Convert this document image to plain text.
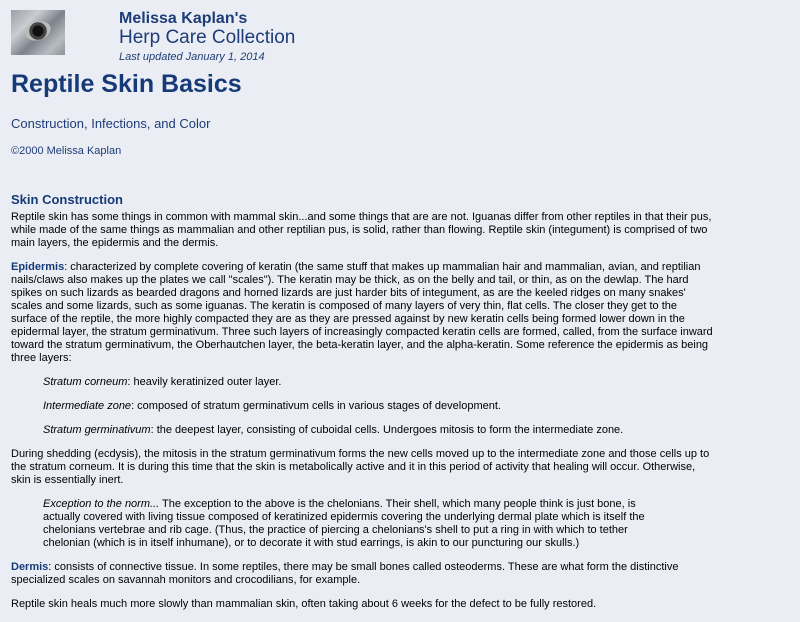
Melissa Kaplan's
Herp Care Collection
Last updated January 1, 2014
Reptile Skin Basics
Construction, Infections, and Color
©2000 Melissa Kaplan
Skin Construction

Reptile skin has some things in common with mammal skin...and some things that are are not. Iguanas differ from other reptiles in that their pus, while made of the same things as mammalian and other reptilian pus, is solid, rather than flowing. Reptile skin (integument) is comprised of two main layers, the epidermis and the dermis.

Epidermis: characterized by complete covering of keratin (the same stuff that makes up mammalian hair and mammalian, avian, and reptilian nails/claws also makes up the plates we call "scales"). The keratin may be thick, as on the belly and tail, or thin, as on the dewlap. The hard spikes on such lizards as bearded dragons and horned lizards are just harder bits of integument, as are the keeled ridges on many snakes' scales and some lizards, such as some iguanas. The keratin is composed of many layers of very thin, flat cells. The closer they get to the surface of the reptile, the more highly compacted they are as they are pressed against by new keratin cells being formed lower down in the epidermal layer, the stratum germinativum. Three such layers of increasingly compacted keratin cells are formed, called, from the surface inward toward the stratum germinativum, the Oberhautchen layer, the beta-keratin layer, and the alpha-keratin. Some reference the epidermis as being three layers:

Stratum corneum: heavily keratinized outer layer.

Intermediate zone: composed of stratum germinativum cells in various stages of development.

Stratum germinativum: the deepest layer, consisting of cuboidal cells. Undergoes mitosis to form the intermediate zone.

During shedding (ecdysis), the mitosis in the stratum germinativum forms the new cells moved up to the intermediate zone and those cells up to the stratum corneum. It is during this time that the skin is metabolically active and it in this period of activity that healing will occur. Otherwise, skin is essentially inert.

Exception to the norm... The exception to the above is the chelonians. Their shell, which many people think is just bone, is actually covered with living tissue composed of keratinized epidermis covering the underlying dermal plate which is itself the chelonians vertebrae and rib cage. (Thus, the practice of piercing a chelonians's shell to put a ring in with which to tether chelonian (which is in itself inhumane), or to decorate it with stud earrings, is akin to our puncturing our skulls.)

Dermis: consists of connective tissue. In some reptiles, there may be small bones called osteoderms. These are what form the distinctive specialized scales on savannah monitors and crocodilians, for example.

Reptile skin heals much more slowly than mammalian skin, often taking about 6 weeks for the defect to be fully restored.
